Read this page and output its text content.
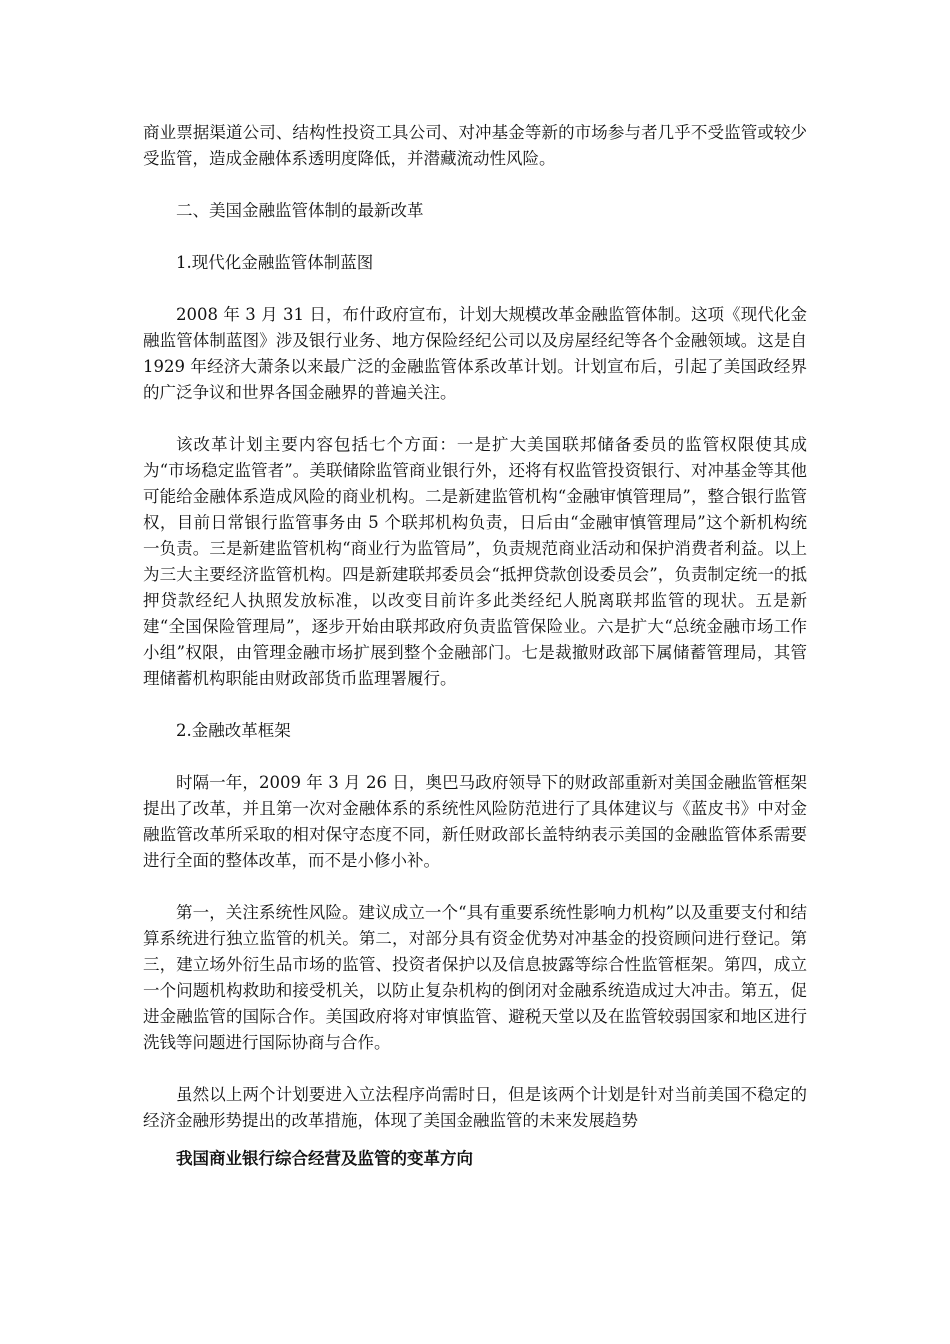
商业票据渠道公司、结构性投资工具公司、对冲基金等新的市场参与者几乎不受监管或较少受监管，造成金融体系透明度降低，并潜藏流动性风险。

二、美国金融监管体制的最新改革

1.现代化金融监管体制蓝图

2008 年 3 月 31 日，布什政府宣布，计划大规模改革金融监管体制。这项《现代化金融监管体制蓝图》涉及银行业务、地方保险经纪公司以及房屋经纪等各个金融领域。这是自 1929 年经济大萧条以来最广泛的金融监管体系改革计划。计划宣布后，引起了美国政经界的广泛争议和世界各国金融界的普遍关注。

该改革计划主要内容包括七个方面：一是扩大美国联邦储备委员的监管权限使其成为“市场稳定监管者”。美联储除监管商业银行外，还将有权监管投资银行、对冲基金等其他可能给金融体系造成风险的商业机构。二是新建监管机构“金融审慎管理局”，整合银行监管权，目前日常银行监管事务由 5 个联邦机构负责，日后由“金融审慎管理局”这个新机构统一负责。三是新建监管机构“商业行为监管局”，负责规范商业活动和保护消费者利益。以上为三大主要经济监管机构。四是新建联邦委员会“抵押贷款创设委员会”，负责制定统一的抵押贷款经纪人执照发放标准，以改变目前许多此类经纪人脱离联邦监管的现状。五是新建“全国保险管理局”，逐步开始由联邦政府负责监管保险业。六是扩大“总统金融市场工作小组”权限，由管理金融市场扩展到整个金融部门。七是裁撤财政部下属储蓄管理局，其管理储蓄机构职能由财政部货币监理署履行。

2.金融改革框架

时隔一年，2009 年 3 月 26 日，奥巴马政府领导下的财政部重新对美国金融监管框架提出了改革，并且第一次对金融体系的系统性风险防范进行了具体建议与《蓝皮书》中对金融监管改革所采取的相对保守态度不同，新任财政部长盖特纳表示美国的金融监管体系需要进行全面的整体改革，而不是小修小补。

第一，关注系统性风险。建议成立一个“具有重要系统性影响力机构”以及重要支付和结算系统进行独立监管的机关。第二，对部分具有资金优势对冲基金的投资顾问进行登记。第三，建立场外衍生品市场的监管、投资者保护以及信息披露等综合性监管框架。第四，成立一个问题机构救助和接受机关，以防止复杂机构的倒闭对金融系统造成过大冲击。第五，促进金融监管的国际合作。美国政府将对审慎监管、避税天堂以及在监管较弱国家和地区进行洗钱等问题进行国际协商与合作。

虽然以上两个计划要进入立法程序尚需时日，但是该两个计划是针对当前美国不稳定的经济金融形势提出的改革措施，体现了美国金融监管的未来发展趋势

我国商业银行综合经营及监管的变革方向
